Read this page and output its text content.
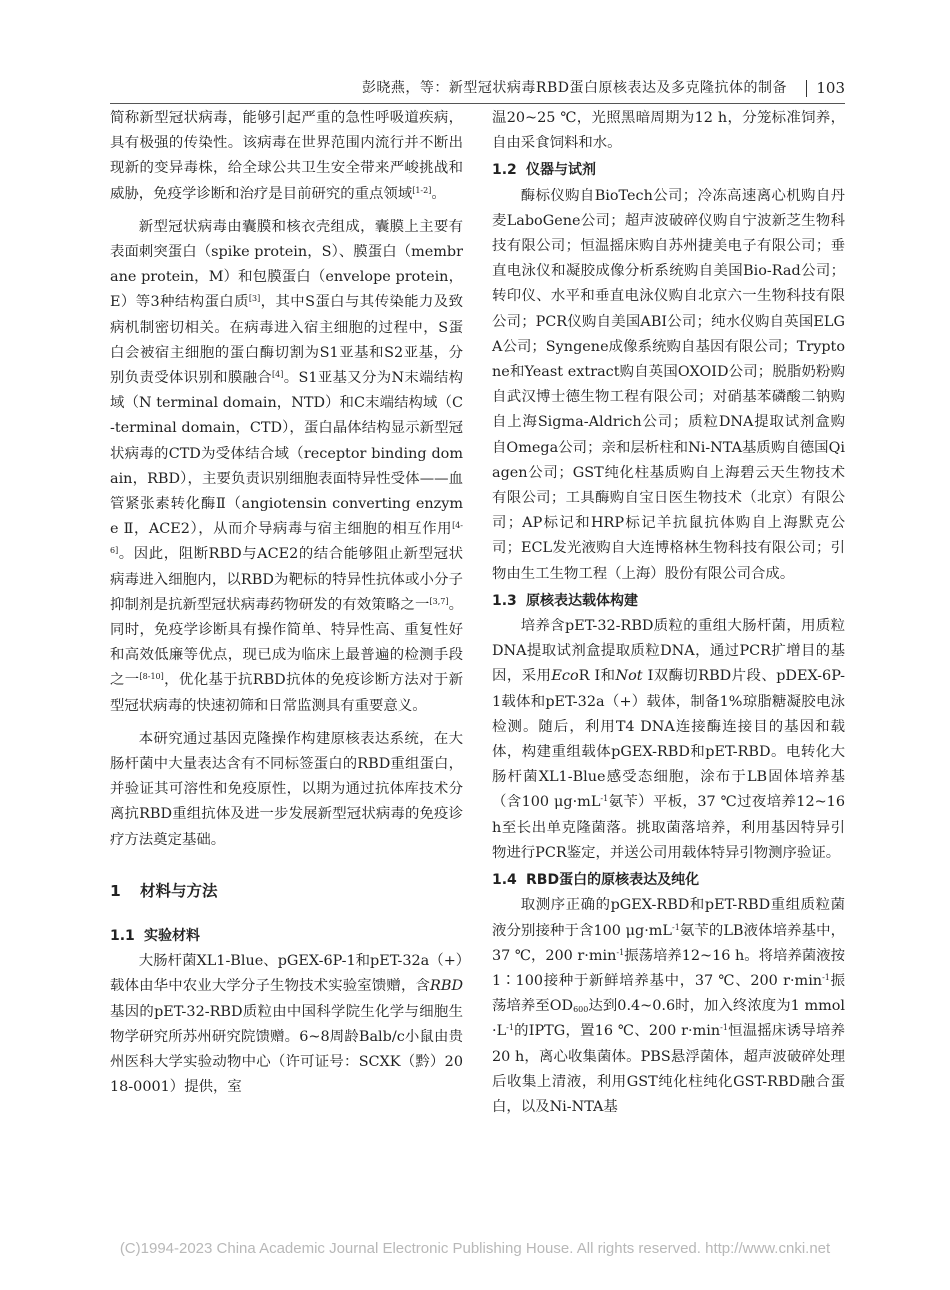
彭晓燕，等：新型冠状病毒RBD蛋白原核表达及多克隆抗体的制备 103

简称新型冠状病毒，能够引起严重的急性呼吸道疾病，具有极强的传染性。该病毒在世界范围内流行并不断出现新的变异毒株，给全球公共卫生安全带来严峻挑战和威胁，免疫学诊断和治疗是目前研究的重点领域[1-2]。

新型冠状病毒由囊膜和核衣壳组成，囊膜上主要有表面刺突蛋白（spike protein，S）、膜蛋白（membrane protein，M）和包膜蛋白（envelope protein，E）等3种结构蛋白质[3]，其中S蛋白与其传染能力及致病机制密切相关。在病毒进入宿主细胞的过程中，S蛋白会被宿主细胞的蛋白酶切割为S1亚基和S2亚基，分别负责受体识别和膜融合[4]。S1亚基又分为N末端结构域（N terminal domain，NTD）和C末端结构域（C-terminal domain，CTD），蛋白晶体结构显示新型冠状病毒的CTD为受体结合域（receptor binding domain，RBD），主要负责识别细胞表面特异性受体——血管紧张素转化酶Ⅱ（angiotensin converting enzyme Ⅱ，ACE2），从而介导病毒与宿主细胞的相互作用[4-6]。因此，阻断RBD与ACE2的结合能够阻止新型冠状病毒进入细胞内，以RBD为靶标的特异性抗体或小分子抑制剂是抗新型冠状病毒药物研发的有效策略之一[3,7]。同时，免疫学诊断具有操作简单、特异性高、重复性好和高效低廉等优点，现已成为临床上最普遍的检测手段之一[8-10]，优化基于抗RBD抗体的免疫诊断方法对于新型冠状病毒的快速初筛和日常监测具有重要意义。

本研究通过基因克隆操作构建原核表达系统，在大肠杆菌中大量表达含有不同标签蛋白的RBD重组蛋白，并验证其可溶性和免疫原性，以期为通过抗体库技术分离抗RBD重组抗体及进一步发展新型冠状病毒的免疫诊疗方法奠定基础。

1 材料与方法

1.1 实验材料

大肠杆菌XL1-Blue、pGEX-6P-1和pET-32a（+）载体由华中农业大学分子生物技术实验室馈赠，含RBD基因的pET-32-RBD质粒由中国科学院生化学与细胞生物学研究所苏州研究院馈赠。6~8周龄Balb/c小鼠由贵州医科大学实验动物中心（许可证号：SCXK（黔）2018-0001）提供，室

温20~25 ℃，光照黑暗周期为12 h，分笼标准饲养，自由采食饲料和水。

1.2 仪器与试剂

酶标仪购自BioTech公司；冷冻高速离心机购自丹麦LaboGene公司；超声波破碎仪购自宁波新芝生物科技有限公司；恒温摇床购自苏州捷美电子有限公司；垂直电泳仪和凝胶成像分析系统购自美国Bio-Rad公司；转印仪、水平和垂直电泳仪购自北京六一生物科技有限公司；PCR仪购自美国ABI公司；纯水仪购自英国ELGA公司；Syngene成像系统购自基因有限公司；Tryptone和Yeast extract购自英国OXOID公司；脱脂奶粉购自武汉博士德生物工程有限公司；对硝基苯磷酸二钠购自上海Sigma-Aldrich公司；质粒DNA提取试剂盒购自Omega公司；亲和层析柱和Ni-NTA基质购自德国Qiagen公司；GST纯化柱基质购自上海碧云天生物技术有限公司；工具酶购自宝日医生物技术（北京）有限公司；AP标记和HRP标记羊抗鼠抗体购自上海默克公司；ECL发光液购自大连博格林生物科技有限公司；引物由生工生物工程（上海）股份有限公司合成。

1.3 原核表达载体构建

培养含pET-32-RBD质粒的重组大肠杆菌，用质粒DNA提取试剂盒提取质粒DNA，通过PCR扩增目的基因，采用EcoR Ⅰ和Not Ⅰ双酶切RBD片段、pDEX-6P-1载体和pET-32a（+）载体，制备1%琼脂糖凝胶电泳检测。随后，利用T4 DNA连接酶连接目的基因和载体，构建重组载体pGEX-RBD和pET-RBD。电转化大肠杆菌XL1-Blue感受态细胞，涂布于LB固体培养基（含100 $\mu g\cdot mL^{-1}$氨苄）平板，37 ℃过夜培养12~16 h至长出单克隆菌落。挑取菌落培养，利用基因特异引物进行PCR鉴定，并送公司用载体特异引物测序验证。

1.4 RBD蛋白的原核表达及纯化

取测序正确的pGEX-RBD和pET-RBD重组质粒菌液分别接种于含100 $\mu g\cdot mL^{-1}$氨苄的LB液体培养基中，37 ℃，200 $r\cdot\min^{-1}$振荡培养12~16 h。将培养菌液按1∶100接种于新鲜培养基中，37 ℃、200 $r\cdot\min^{-1}$振荡培养至$OD_{600}$达到0.4~0.6时，加入终浓度为1 $mmol\cdot L^{-1}$的IPTG，置16 ℃、200 $r\cdot\min^{-1}$恒温摇床诱导培养20 h，离心收集菌体。PBS悬浮菌体，超声波破碎处理后收集上清液，利用GST纯化柱纯化GST-RBD融合蛋白，以及Ni-NTA基

(C)1994-2023 China Academic Journal Electronic Publishing House. All rights reserved. http://www.cnki.net
